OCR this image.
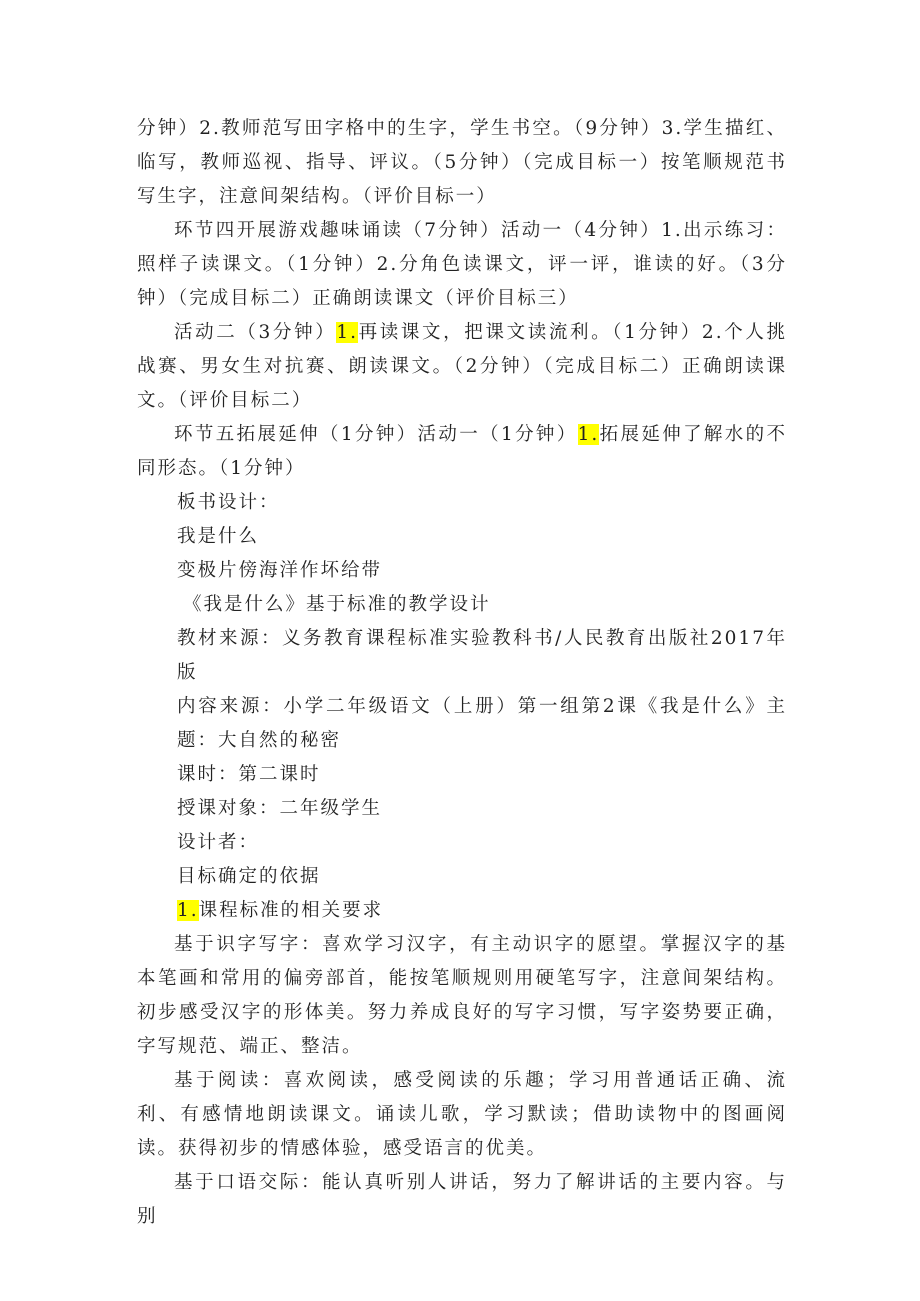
分钟）2.教师范写田字格中的生字，学生书空。（9分钟）3.学生描红、临写，教师巡视、指导、评议。（5分钟）（完成目标一）按笔顺规范书写生字，注意间架结构。（评价目标一）

环节四开展游戏趣味诵读（7分钟）活动一（4分钟）1.出示练习：照样子读课文。（1分钟）2.分角色读课文，评一评，谁读的好。（3分钟）（完成目标二）正确朗读课文（评价目标三）

活动二（3分钟）1.再读课文，把课文读流利。（1分钟）2.个人挑战赛、男女生对抗赛、朗读课文。（2分钟）（完成目标二）正确朗读课文。（评价目标二）

环节五拓展延伸（1分钟）活动一（1分钟）1.拓展延伸了解水的不同形态。（1分钟）

板书设计：

我是什么

变极片傍海洋作坏给带

《我是什么》基于标准的教学设计

教材来源：义务教育课程标准实验教科书/人民教育出版社2017年版

内容来源：小学二年级语文（上册）第一组第2课《我是什么》主题：大自然的秘密

课时：第二课时

授课对象：二年级学生

设计者：

目标确定的依据

1.课程标准的相关要求

基于识字写字：喜欢学习汉字，有主动识字的愿望。掌握汉字的基本笔画和常用的偏旁部首，能按笔顺规则用硬笔写字，注意间架结构。初步感受汉字的形体美。努力养成良好的写字习惯，写字姿势要正确，字写规范、端正、整洁。

基于阅读：喜欢阅读，感受阅读的乐趣；学习用普通话正确、流利、有感情地朗读课文。诵读儿歌，学习默读；借助读物中的图画阅读。获得初步的情感体验，感受语言的优美。

基于口语交际：能认真听别人讲话，努力了解讲话的主要内容。与别
